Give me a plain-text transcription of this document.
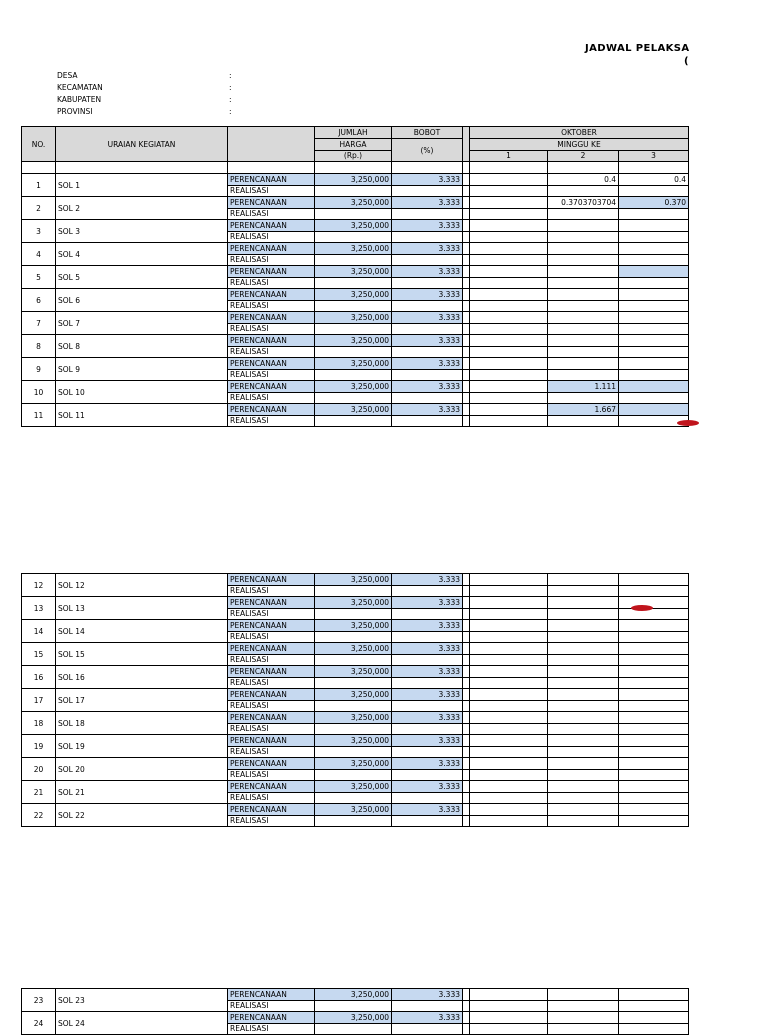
JADWAL PELAKSA
(
DESA	:
KECAMATAN	:
KABUPATEN	:
PROVINSI	:
NO.	URAIAN KEGIATAN		JUMLAH	BOBOT		OKTOBER		
			HARGA	(%)		MINGGU KE		
			(Rp.)			1	2	3

1	SOL 1	PERENCANAAN	3,250,000	3.333			0.4	0.4
		REALISASI						
2	SOL 2	PERENCANAAN	3,250,000	3.333			0.3703703704	0.370
		REALISASI						
3	SOL 3	PERENCANAAN	3,250,000	3.333				
		REALISASI						
4	SOL 4	PERENCANAAN	3,250,000	3.333				
		REALISASI						
5	SOL 5	PERENCANAAN	3,250,000	3.333				
		REALISASI						
6	SOL 6	PERENCANAAN	3,250,000	3.333				
		REALISASI						
7	SOL 7	PERENCANAAN	3,250,000	3.333				
		REALISASI						
8	SOL 8	PERENCANAAN	3,250,000	3.333				
		REALISASI						
9	SOL 9	PERENCANAAN	3,250,000	3.333				
		REALISASI						
10	SOL 10	PERENCANAAN	3,250,000	3.333			1.111	
		REALISASI						
11	SOL 11	PERENCANAAN	3,250,000	3.333			1.667	
		REALISASI						
12	SOL 12	PERENCANAAN	3,250,000	3.333				
		REALISASI						
13	SOL 13	PERENCANAAN	3,250,000	3.333				
		REALISASI						
14	SOL 14	PERENCANAAN	3,250,000	3.333				
		REALISASI						
15	SOL 15	PERENCANAAN	3,250,000	3.333				
		REALISASI						
16	SOL 16	PERENCANAAN	3,250,000	3.333				
		REALISASI						
17	SOL 17	PERENCANAAN	3,250,000	3.333				
		REALISASI						
18	SOL 18	PERENCANAAN	3,250,000	3.333				
		REALISASI						
19	SOL 19	PERENCANAAN	3,250,000	3.333				
		REALISASI						
20	SOL 20	PERENCANAAN	3,250,000	3.333				
		REALISASI						
21	SOL 21	PERENCANAAN	3,250,000	3.333				
		REALISASI						
22	SOL 22	PERENCANAAN	3,250,000	3.333				
		REALISASI						
23	SOL 23	PERENCANAAN	3,250,000	3.333				
		REALISASI						
24	SOL 24	PERENCANAAN	3,250,000	3.333				
		REALISASI						
